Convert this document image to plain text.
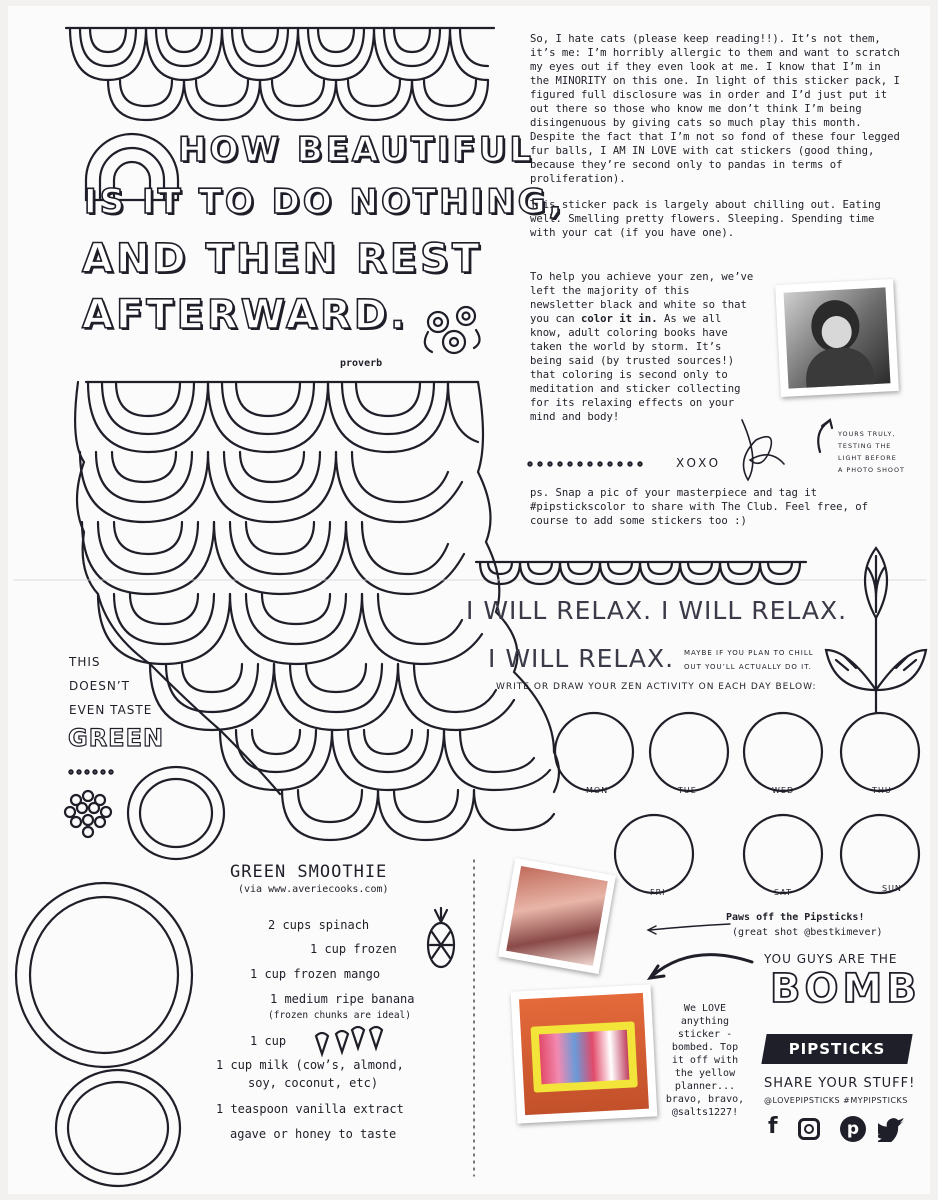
So, I hate cats (please keep reading!!). It’s not them, it’s me: I’m horribly allergic to them and want to scratch my eyes out if they even look at me. I know that I’m in the MINORITY on this one. In light of this sticker pack, I figured full disclosure was in order and I’d just put it out there so those who know me don’t think I’m being disingenuous by giving cats so much play this month. Despite the fact that I’m not so fond of these four legged fur balls, I AM IN LOVE with cat stickers (good thing, because they’re second only to pandas in terms of proliferation).

This sticker pack is largely about chilling out. Eating well. Smelling pretty flowers. Sleeping. Spending time with your cat (if you have one).

To help you achieve your zen, we’ve left the majority of this newsletter black and white so that you can color it in. As we all know, adult coloring books have taken the world by storm. It’s being said (by trusted sources!) that coloring is second only to meditation and sticker collecting for its relaxing effects on your mind and body!

YOURS TRULY,
TESTING THE
LIGHT BEFORE
A PHOTO SHOOT
XOXO

ps. Snap a pic of your masterpiece and tag it #pipstickscolor to share with The Club. Feel free, of course to add some stickers too :)

HOW BEAUTIFUL
IS IT TO DO NOTHING,
AND THEN REST
AFTERWARD.
proverb
I WILL RELAX. I WILL RELAX.
I WILL RELAX. MAYBE IF YOU PLAN TO CHILL
OUT YOU’LL ACTUALLY DO IT.
WRITE OR DRAW YOUR ZEN ACTIVITY ON EACH DAY BELOW:
MON	TUE	WED	THU
FRI	SAT	SUN
THIS
DOESN’T
EVEN TASTE
GREEN
GREEN SMOOTHIE
(via www.averiecooks.com)
2 cups spinach
1 cup frozen
1 cup frozen mango
1 medium ripe banana
(frozen chunks are ideal)
1 cup
1 cup milk (cow’s, almond,
soy, coconut, etc)
1 teaspoon vanilla extract
agave or honey to taste
Paws off the Pipsticks!
(great shot @bestkimever)
We LOVE
anything
sticker -
bombed. Top
it off with
the yellow
planner...
bravo, bravo,
@salts1227!
YOU GUYS ARE THE
BOMB
PIPSTICKS
SHARE YOUR STUFF!
@LOVEPIPSTICKS #MYPIPSTICKS
f	p
